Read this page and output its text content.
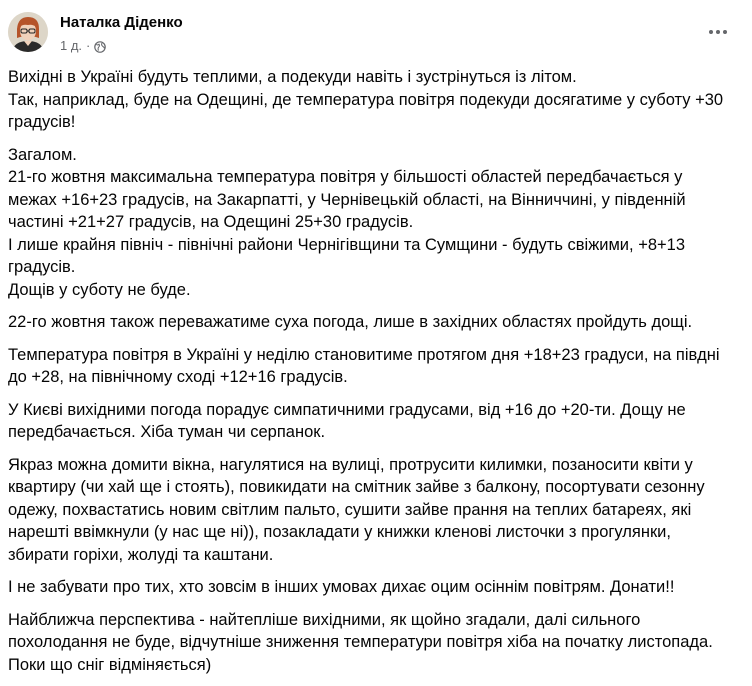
Наталка Діденко
1 д. ·

Вихідні в Україні будуть теплими, а подекуди навіть і зустрінуться із літом.
Так, наприклад, буде на Одещині, де температура повітря подекуди досягатиме у суботу +30
градусів!

Загалом.
21-го жовтня максимальна температура повітря у більшості областей передбачається у
межах +16+23 градусів, на Закарпатті, у Чернівецькій області, на Вінниччині, у південній
частині +21+27 градусів, на Одещині 25+30 градусів.
І лише крайня північ - північні райони Чернігівщини та Сумщини - будуть свіжими, +8+13
градусів.
Дощів у суботу не буде.

22-го жовтня також переважатиме суха погода, лише в західних областях пройдуть дощі.

Температура повітря в Україні у неділю становитиме протягом дня +18+23 градуси, на півдні
до +28, на північному сході +12+16 градусів.

У Києві вихідними погода порадує симпатичними градусами, від +16 до +20-ти. Дощу не
передбачається. Хіба туман чи серпанок.

Якраз можна домити вікна, нагулятися на вулиці, протрусити килимки, позаносити квіти у
квартиру (чи хай ще і стоять), повикидати на смітник зайве з балкону, посортувати сезонну
одежу, похвастатись новим світлим пальто, сушити зайве прання на теплих батареях, які
нарешті ввімкнули (у нас ще ні)), позакладати у книжки кленові листочки з прогулянки,
збирати горіхи, жолуді та каштани.

І не забувати про тих, хто зовсім в інших умовах дихає оцим осіннім повітрям. Донати!!

Найближча перспектива - найтепліше вихідними, як щойно згадали, далі сильного
похолодання не буде, відчутніше зниження температури повітря хіба на початку листопада.
Поки що сніг відміняється)
